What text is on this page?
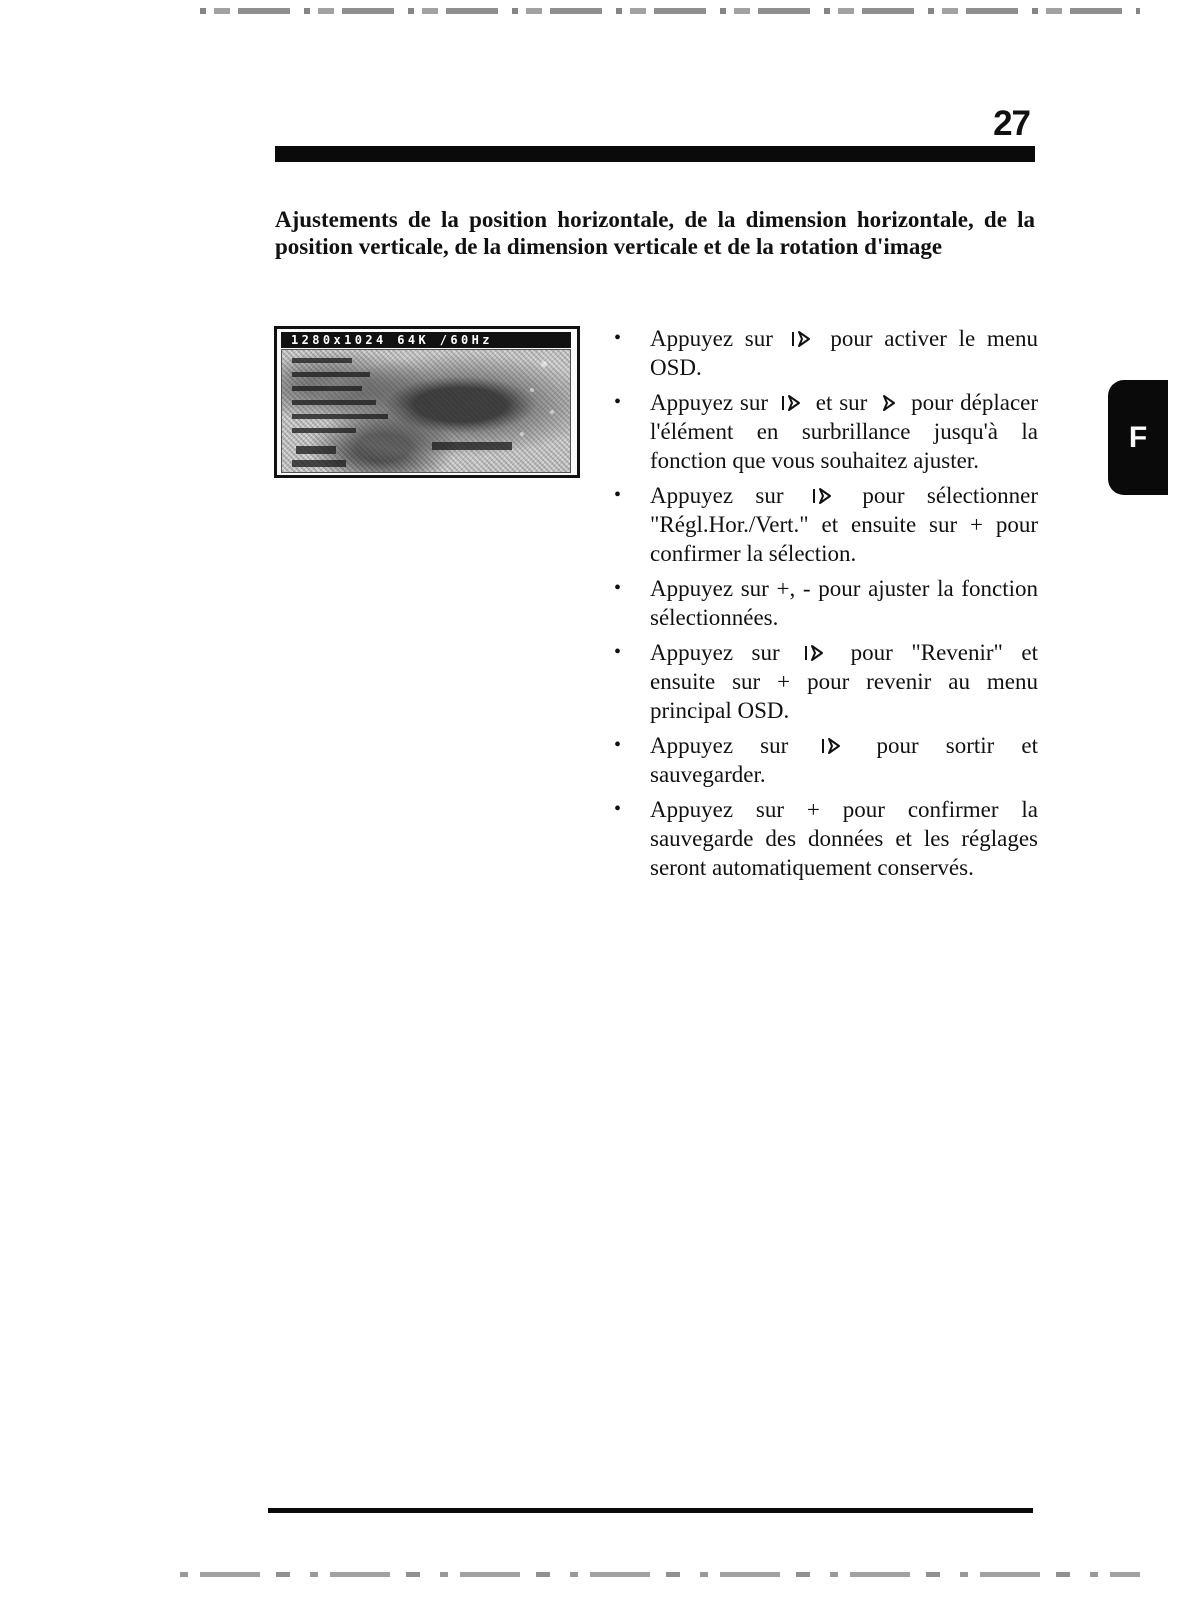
27
Ajustements de la position horizontale, de la dimension horizontale, de la position verticale, de la dimension verticale et de la rotation d'image
1280x1024 64K /60Hz	• Appuyez sur	pour activer le menu OSD.
• Appuyez sur et sur pour déplacer l'élément en surbrillance jusqu'à la fonction que vous souhaitez ajuster.
• Appuyez sur	pour sélectionner "Régl.Hor./Vert." et ensuite sur + pour confirmer la sélection.
• Appuyez sur +, - pour ajuster la fonction sélectionnées.
• Appuyez sur	pour "Revenir" et ensuite sur + pour revenir au menu principal OSD.
• Appuyez sur	pour sortir et sauvegarder.
• Appuyez sur + pour confirmer la sauvegarde des données et les réglages seront automatiquement conservés.
F
